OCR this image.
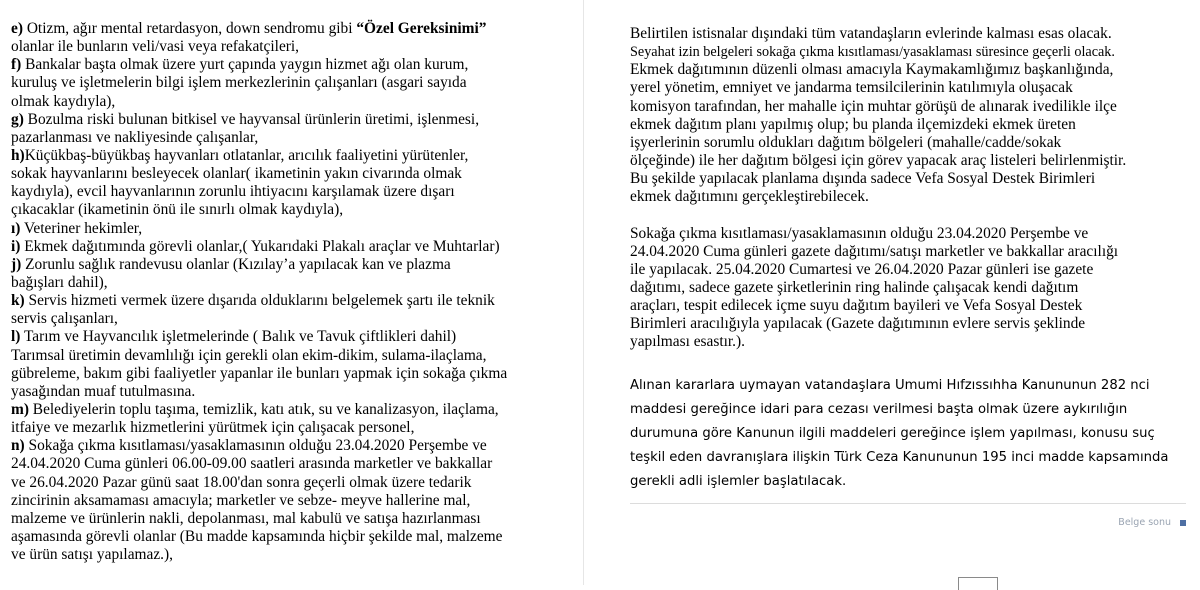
e) Otizm, ağır mental retardasyon, down sendromu gibi “Özel Gereksinimi”
olanlar ile bunların veli/vasi veya refakatçileri,
f) Bankalar başta olmak üzere yurt çapında yaygın hizmet ağı olan kurum,
kuruluş ve işletmelerin bilgi işlem merkezlerinin çalışanları (asgari sayıda
olmak kaydıyla),
g) Bozulma riski bulunan bitkisel ve hayvansal ürünlerin üretimi, işlenmesi,
pazarlanması ve nakliyesinde çalışanlar,
h)Küçükbaş-büyükbaş hayvanları otlatanlar, arıcılık faaliyetini yürütenler,
sokak hayvanlarını besleyecek olanlar( ikametinin yakın civarında olmak
kaydıyla), evcil hayvanlarının zorunlu ihtiyacını karşılamak üzere dışarı
çıkacaklar (ikametinin önü ile sınırlı olmak kaydıyla),
ı) Veteriner hekimler,
i) Ekmek dağıtımında görevli olanlar,( Yukarıdaki Plakalı araçlar ve Muhtarlar)
j) Zorunlu sağlık randevusu olanlar (Kızılay’a yapılacak kan ve plazma
bağışları dahil),
k) Servis hizmeti vermek üzere dışarıda olduklarını belgelemek şartı ile teknik
servis çalışanları,
l) Tarım ve Hayvancılık işletmelerinde ( Balık ve Tavuk çiftlikleri dahil)
Tarımsal üretimin devamlılığı için gerekli olan ekim-dikim, sulama-ilaçlama,
gübreleme, bakım gibi faaliyetler yapanlar ile bunları yapmak için sokağa çıkma
yasağından muaf tutulmasına.
m) Belediyelerin toplu taşıma, temizlik, katı atık, su ve kanalizasyon, ilaçlama,
itfaiye ve mezarlık hizmetlerini yürütmek için çalışacak personel,
n) Sokağa çıkma kısıtlaması/yasaklamasının olduğu 23.04.2020 Perşembe ve
24.04.2020 Cuma günleri 06.00-09.00 saatleri arasında marketler ve bakkallar
ve 26.04.2020 Pazar günü saat 18.00'dan sonra geçerli olmak üzere tedarik
zincirinin aksamaması amacıyla; marketler ve sebze- meyve hallerine mal,
malzeme ve ürünlerin nakli, depolanması, mal kabulü ve satışa hazırlanması
aşamasında görevli olanlar (Bu madde kapsamında hiçbir şekilde mal, malzeme
ve ürün satışı yapılamaz.),
Belirtilen istisnalar dışındaki tüm vatandaşların evlerinde kalması esas olacak.
Seyahat izin belgeleri sokağa çıkma kısıtlaması/yasaklaması süresince geçerli olacak.
Ekmek dağıtımının düzenli olması amacıyla Kaymakamlığımız başkanlığında,
yerel yönetim, emniyet ve jandarma temsilcilerinin katılımıyla oluşacak
komisyon tarafından, her mahalle için muhtar görüşü de alınarak ivedilikle ilçe
ekmek dağıtım planı yapılmış olup; bu planda ilçemizdeki ekmek üreten
işyerlerinin sorumlu oldukları dağıtım bölgeleri (mahalle/cadde/sokak
ölçeğinde) ile her dağıtım bölgesi için görev yapacak araç listeleri belirlenmiştir.
Bu şekilde yapılacak planlama dışında sadece Vefa Sosyal Destek Birimleri
ekmek dağıtımını gerçekleştirebilecek.
Sokağa çıkma kısıtlaması/yasaklamasının olduğu 23.04.2020 Perşembe ve
24.04.2020 Cuma günleri gazete dağıtımı/satışı marketler ve bakkallar aracılığı
ile yapılacak. 25.04.2020 Cumartesi ve 26.04.2020 Pazar günleri ise gazete
dağıtımı, sadece gazete şirketlerinin ring halinde çalışacak kendi dağıtım
araçları, tespit edilecek içme suyu dağıtım bayileri ve Vefa Sosyal Destek
Birimleri aracılığıyla yapılacak (Gazete dağıtımının evlere servis şeklinde
yapılması esastır.).
Alınan kararlara uymayan vatandaşlara Umumi Hıfzıssıhha Kanununun 282 nci
maddesi gereğince idari para cezası verilmesi başta olmak üzere aykırılığın
durumuna göre Kanunun ilgili maddeleri gereğince işlem yapılması, konusu suç
teşkil eden davranışlara ilişkin Türk Ceza Kanununun 195 inci madde kapsamında
gerekli adli işlemler başlatılacak.
Belge sonu
